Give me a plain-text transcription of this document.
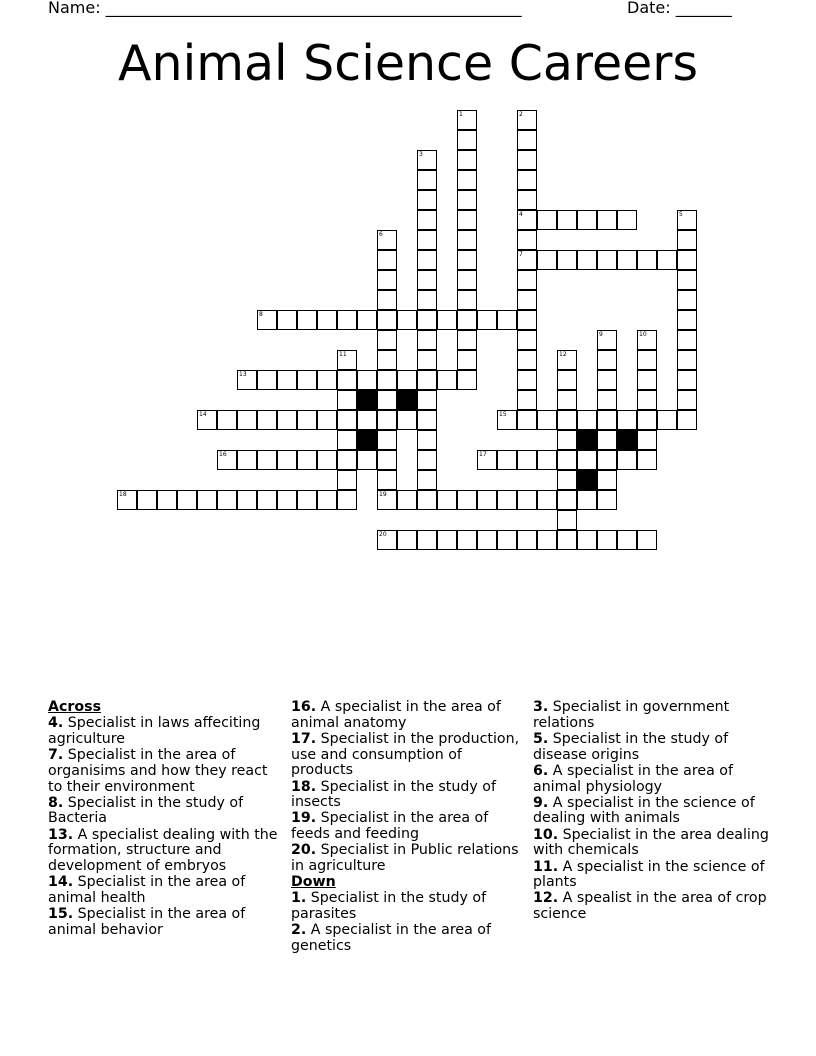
Name: ____________________________________________________	Date: _______
Animal Science Careers
4
7
8
13
14	15
16	17
18	19
20
1	2
3
5
6
9	10
11	12
Across
4. Specialist in laws affeciting agriculture
7. Specialist in the area of organisims and how they react to their environment
8. Specialist in the study of Bacteria
13. A specialist dealing with the formation, structure and development of embryos
14. Specialist in the area of animal health
15. Specialist in the area of animal behavior
16. A specialist in the area of animal anatomy
17. Specialist in the production, use and consumption of products
18. Specialist in the study of insects
19. Specialist in the area of feeds and feeding
20. Specialist in Public relations in agriculture
Down
1. Specialist in the study of parasites
2. A specialist in the area of genetics
3. Specialist in government relations
5. Specialist in the study of disease origins
6. A specialist in the area of animal physiology
9. A specialist in the science of dealing with animals
10. Specialist in the area dealing with chemicals
11. A specialist in the science of plants
12. A spealist in the area of crop science
